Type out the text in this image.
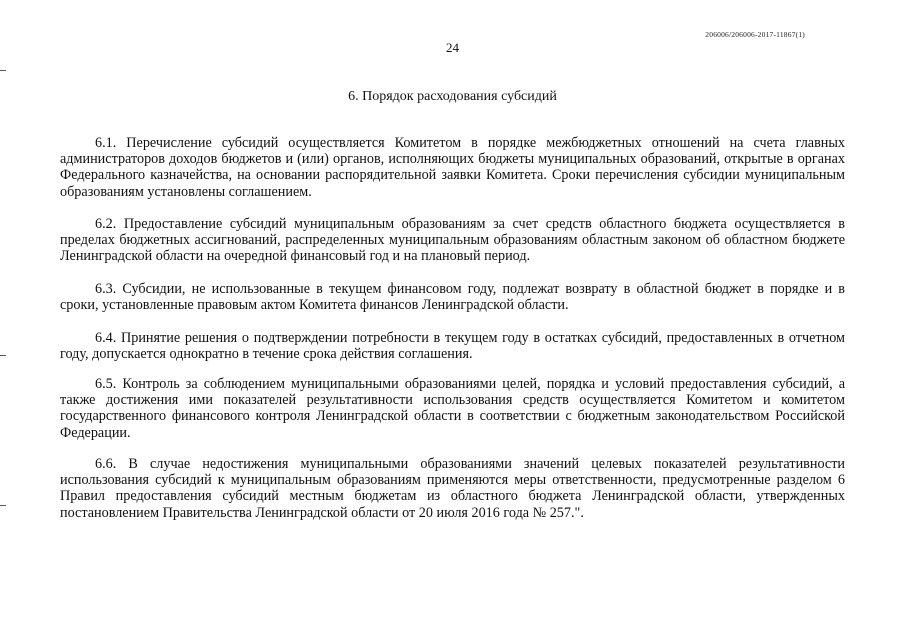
206006/206006-2017-11867(1)
24
6. Порядок расходования субсидий

6.1. Перечисление субсидий осуществляется Комитетом в порядке межбюджетных отношений на счета главных администраторов доходов бюджетов и (или) органов, исполняющих бюджеты муниципальных образований, открытые в органах Федерального казначейства, на основании распорядительной заявки Комитета. Сроки перечисления субсидии муниципальным образованиям установлены соглашением.

6.2. Предоставление субсидий муниципальным образованиям за счет средств областного бюджета осуществляется в пределах бюджетных ассигнований, распределенных муниципальным образованиям областным законом об областном бюджете Ленинградской области на очередной финансовый год и на плановый период.

6.3. Субсидии, не использованные в текущем финансовом году, подлежат возврату в областной бюджет в порядке и в сроки, установленные правовым актом Комитета финансов Ленинградской области.

6.4. Принятие решения о подтверждении потребности в текущем году в остатках субсидий, предоставленных в отчетном году, допускается однократно в течение срока действия соглашения.

6.5. Контроль за соблюдением муниципальными образованиями целей, порядка и условий предоставления субсидий, а также достижения ими показателей результативности использования средств осуществляется Комитетом и комитетом государственного финансового контроля Ленинградской области в соответствии с бюджетным законодательством Российской Федерации.

6.6. В случае недостижения муниципальными образованиями значений целевых показателей результативности использования субсидий к муниципальным образованиям применяются меры ответственности, предусмотренные разделом 6 Правил предоставления субсидий местным бюджетам из областного бюджета Ленинградской области, утвержденных постановлением Правительства Ленинградской области от 20 июля 2016 года № 257.".
